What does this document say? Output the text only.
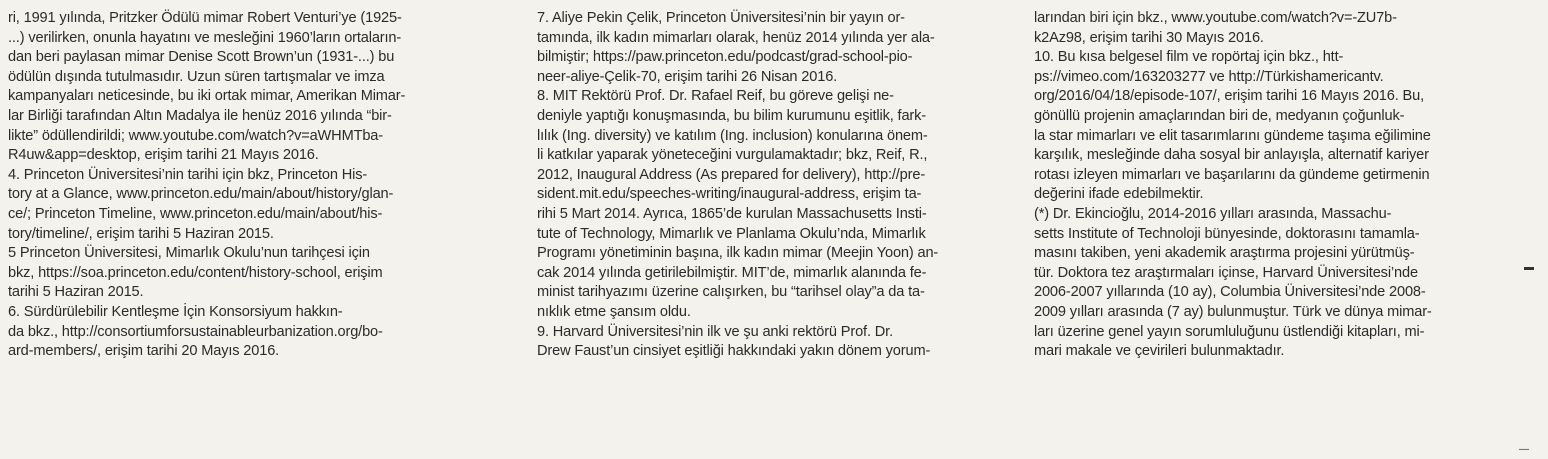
ri, 1991 yılında, Pritzker Ödülü mimar Robert Venturi’ye (1925-
...) verilirken, onunla hayatını ve mesleğini 1960’ların ortaların-
dan beri paylasan mimar Denise Scott Brown’un (1931-...) bu
ödülün dışında tutulmasıdır. Uzun süren tartışmalar ve imza
kampanyaları neticesinde, bu iki ortak mimar, Amerikan Mimar-
lar Birliği tarafından Altın Madalya ile henüz 2016 yılında “bir-
likte” ödüllendirildi; www.youtube.com/watch?v=aWHMTba-
R4uw&app=desktop, erişim tarihi 21 Mayıs 2016.
4. Princeton Üniversitesi’nin tarihi için bkz, Princeton His-
tory at a Glance, www.princeton.edu/main/about/history/glan-
ce/; Princeton Timeline, www.princeton.edu/main/about/his-
tory/timeline/, erişim tarihi 5 Haziran 2015.
5 Princeton Üniversitesi, Mimarlık Okulu’nun tarihçesi için
bkz, https://soa.princeton.edu/content/history-school, erişim
tarihi 5 Haziran 2015.
6. Sürdürülebilir Kentleşme İçin Konsorsiyum hakkın-
da bkz., http://consortiumforsustainableurbanization.org/bo-
ard-members/, erişim tarihi 20 Mayıs 2016.
7. Aliye Pekin Çelik, Princeton Üniversitesi’nin bir yayın or-
tamında, ilk kadın mimarları olarak, henüz 2014 yılında yer ala-
bilmiştir; https://paw.princeton.edu/podcast/grad-school-pio-
neer-aliye-Çelik-70, erişim tarihi 26 Nisan 2016.
8. MIT Rektörü Prof. Dr. Rafael Reif, bu göreve gelişi ne-
deniyle yaptığı konuşmasında, bu bilim kurumunu eşitlik, fark-
lılık (Ing. diversity) ve katılım (Ing. inclusion) konularına önem-
li katkılar yaparak yöneteceğini vurgulamaktadır; bkz, Reif, R.,
2012, Inaugural Address (As prepared for delivery), http://pre-
sident.mit.edu/speeches-writing/inaugural-address, erişim ta-
rihi 5 Mart 2014. Ayrıca, 1865’de kurulan Massachusetts Insti-
tute of Technology, Mimarlık ve Planlama Okulu’nda, Mimarlık
Programı yönetiminin başına, ilk kadın mimar (Meejin Yoon) an-
cak 2014 yılında getirilebilmiştir. MIT’de, mimarlık alanında fe-
minist tarihyazımı üzerine calışırken, bu “tarihsel olay”a da ta-
nıklık etme şansım oldu.
9. Harvard Üniversitesi’nin ilk ve şu anki rektörü Prof. Dr.
Drew Faust’un cinsiyet eşitliği hakkındaki yakın dönem yorum-
larından biri için bkz., www.youtube.com/watch?v=-ZU7b-
k2Az98, erişim tarihi 30 Mayıs 2016.
10. Bu kısa belgesel film ve ropörtaj için bkz., htt-
ps://vimeo.com/163203277 ve http://Türkishamericantv.
org/2016/04/18/episode-107/, erişim tarihi 16 Mayıs 2016. Bu,
gönüllü projenin amaçlarından biri de, medyanın çoğunluk-
la star mimarları ve elit tasarımlarını gündeme taşıma eğilimine
karşılık, mesleğinde daha sosyal bir anlayışla, alternatif kariyer
rotası izleyen mimarları ve başarılarını da gündeme getirmenin
değerini ifade edebilmektir.
(*) Dr. Ekincioğlu, 2014-2016 yılları arasında, Massachu-
setts Institute of Technoloji bünyesinde, doktorasını tamamla-
masını takiben, yeni akademik araştırma projesini yürütmüş-
tür. Doktora tez araştırmaları içinse, Harvard Üniversitesi’nde
2006-2007 yıllarında (10 ay), Columbia Üniversitesi’nde 2008-
2009 yılları arasında (7 ay) bulunmuştur. Türk ve dünya mimar-
ları üzerine genel yayın sorumluluğunu üstlendiği kitapları, mi-
mari makale ve çevirileri bulunmaktadır.
▬
—
